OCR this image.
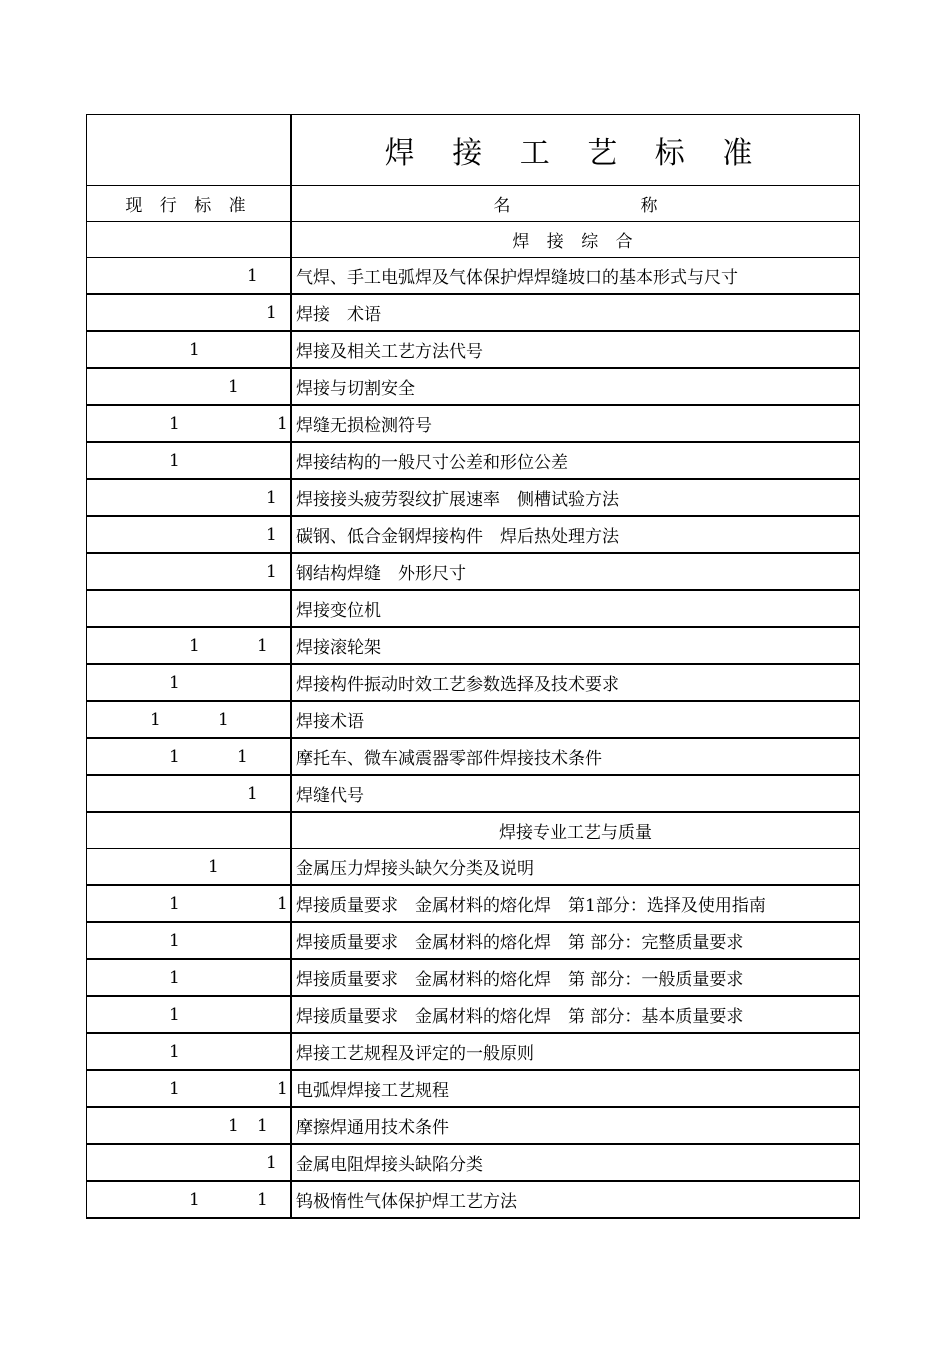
	焊 接 工 艺 标 准
现 行 标 准	名称
	焊 接 综 合

1	气焊、手工电弧焊及气体保护焊焊缝坡口的基本形式与尺寸

1	焊接　术语

1	焊接及相关工艺方法代号

1	焊接与切割安全

1 1	焊缝无损检测符号

1	焊接结构的一般尺寸公差和形位公差

1	焊接接头疲劳裂纹扩展速率　侧槽试验方法

1	碳钢、低合金钢焊接构件　焊后热处理方法

1	钢结构焊缝　外形尺寸
	焊接变位机

1 1	焊接滚轮架

1	焊接构件振动时效工艺参数选择及技术要求

1 1	焊接术语

1 1	摩托车、微车减震器零部件焊接技术条件

1	焊缝代号
	焊接专业工艺与质量

1	金属压力焊接头缺欠分类及说明

1 1	焊接质量要求　金属材料的熔化焊　第1部分：选择及使用指南

1	焊接质量要求　金属材料的熔化焊　第 部分：完整质量要求

1	焊接质量要求　金属材料的熔化焊　第 部分：一般质量要求

1	焊接质量要求　金属材料的熔化焊　第 部分：基本质量要求

1	焊接工艺规程及评定的一般原则

1 1	电弧焊焊接工艺规程

1 1	摩擦焊通用技术条件

1	金属电阻焊接头缺陷分类

1 1	钨极惰性气体保护焊工艺方法
